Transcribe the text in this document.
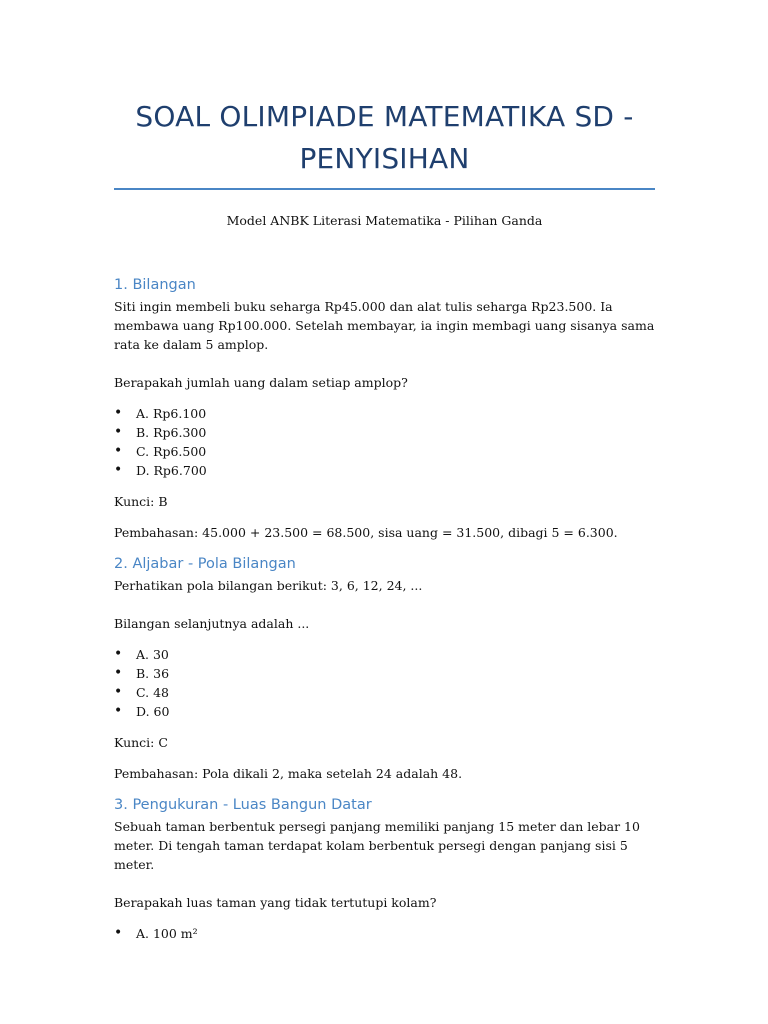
SOAL OLIMPIADE MATEMATIKA SD -
PENYISIHAN

Model ANBK Literasi Matematika - Pilihan Ganda

1. Bilangan

Siti ingin membeli buku seharga Rp45.000 dan alat tulis seharga Rp23.500. Ia membawa uang Rp100.000. Setelah membayar, ia ingin membagi uang sisanya sama rata ke dalam 5 amplop.

Berapakah jumlah uang dalam setiap amplop?

• A. Rp6.100
• B. Rp6.300
• C. Rp6.500
• D. Rp6.700

Kunci: B

Pembahasan: 45.000 + 23.500 = 68.500, sisa uang = 31.500, dibagi 5 = 6.300.

2. Aljabar - Pola Bilangan

Perhatikan pola bilangan berikut: 3, 6, 12, 24, ...

Bilangan selanjutnya adalah ...

• A. 30
• B. 36
• C. 48
• D. 60

Kunci: C

Pembahasan: Pola dikali 2, maka setelah 24 adalah 48.

3. Pengukuran - Luas Bangun Datar

Sebuah taman berbentuk persegi panjang memiliki panjang 15 meter dan lebar 10 meter. Di tengah taman terdapat kolam berbentuk persegi dengan panjang sisi 5 meter.

Berapakah luas taman yang tidak tertutupi kolam?

• A. 100 m²
